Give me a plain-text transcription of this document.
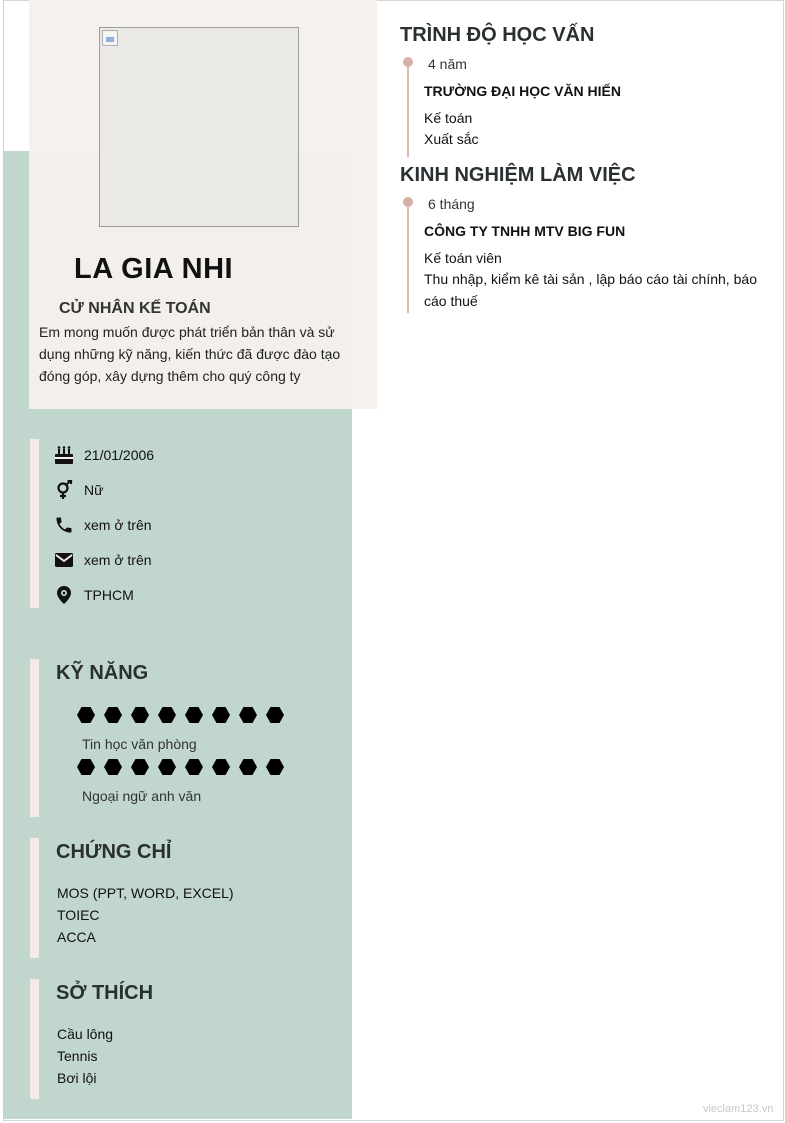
LA GIA NHI
CỬ NHÂN KẾ TOÁN
Em mong muốn được phát triển bản thân và sử dụng những kỹ năng, kiến thức đã được đào tạo đóng góp, xây dựng thêm cho quý công ty
21/01/2006
Nữ
xem ở trên
xem ở trên
TPHCM
KỸ NĂNG
Tin học văn phòng
Ngoại ngữ anh văn
CHỨNG CHỈ
MOS (PPT, WORD, EXCEL)
TOIEC
ACCA
SỞ THÍCH
Cầu lông
Tennis
Bơi lội
TRÌNH ĐỘ HỌC VẤN
4 năm
TRƯỜNG ĐẠI HỌC VĂN HIẾN
Kế toán
Xuất sắc
KINH NGHIỆM LÀM VIỆC
6 tháng
CÔNG TY TNHH MTV BIG FUN
Kế toán viên
Thu nhập, kiểm kê tài sản , lập báo cáo tài chính, báo cáo thuế
vieclam123.vn
